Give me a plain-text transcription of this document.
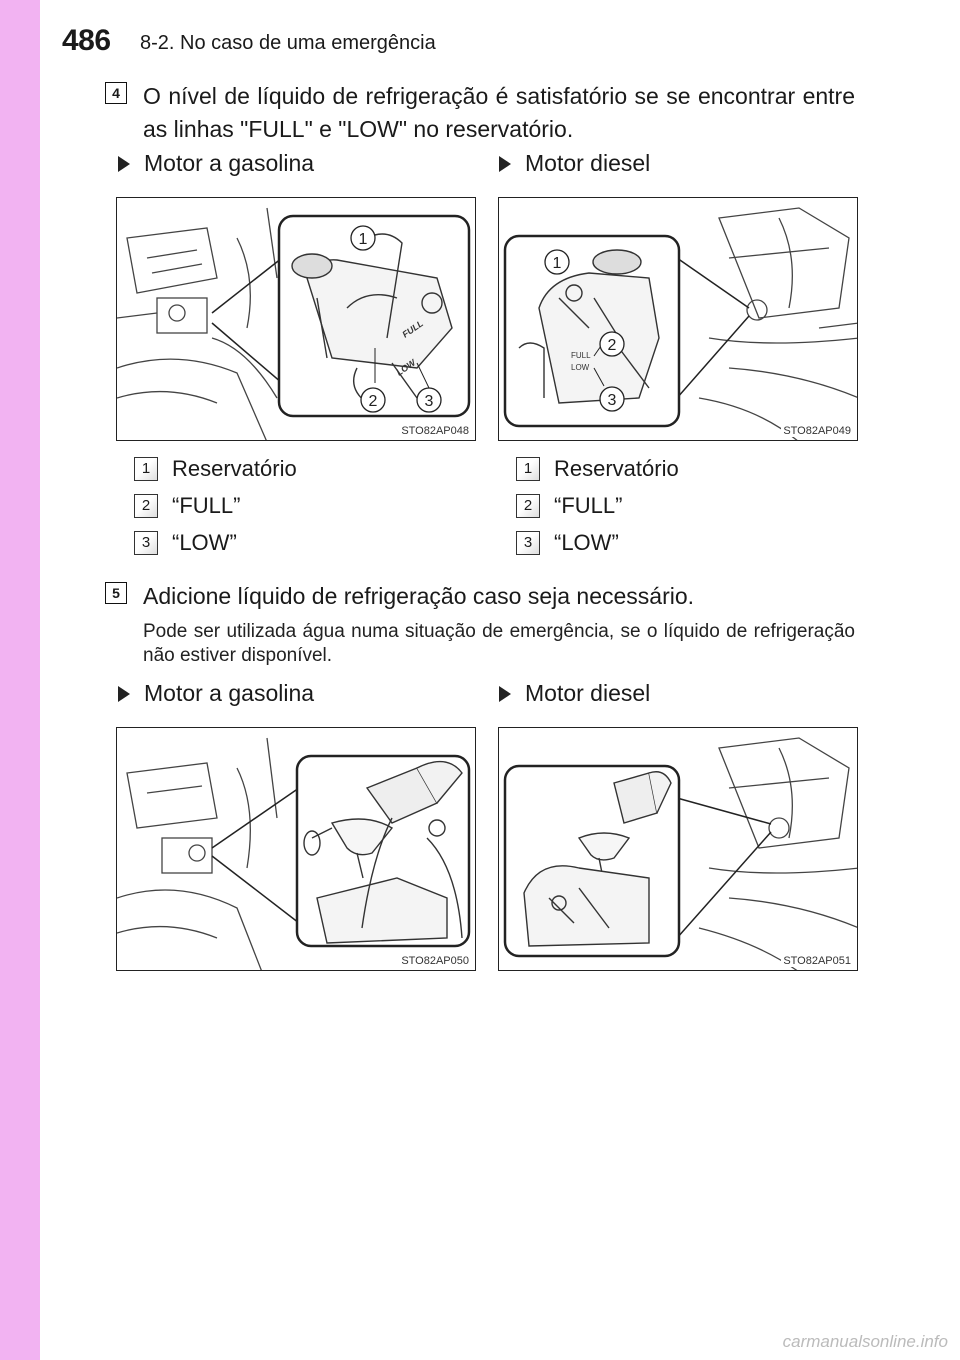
486 8-2. No caso de uma emergência
4	O nível de líquido de refrigeração é satisfatório se se encontrar entre as linhas "FULL" e "LOW" no reservatório.
Motor a gasolina	Motor diesel
FULL
LOW
1
2	3
STO82AP048
FULL
LOW
1
2
3
STO82AP049
1 Reservatório
2 “FULL”
3 “LOW”
1 Reservatório
2 “FULL”
3 “LOW”
5	Adicione líquido de refrigeração caso seja necessário.
Pode ser utilizada água numa situação de emergência, se o líquido de refrigeração não estiver disponível.
Motor a gasolina	Motor diesel
STO82AP050	STO82AP051
carmanualsonline.info
